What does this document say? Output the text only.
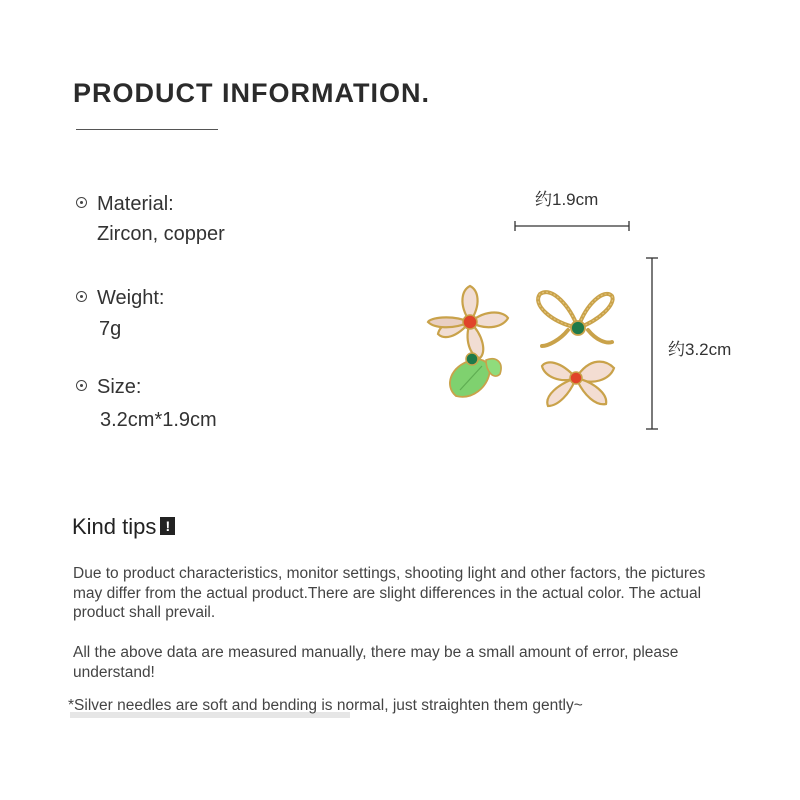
PRODUCT INFORMATION.
Material:
Zircon, copper
Weight:
7g
Size:
3.2cm*1.9cm
约1.9cm
约3.2cm
Kind tips !
Due to product characteristics, monitor settings, shooting light and other factors, the pictures may differ from the actual product.There are slight differences in the actual color. The actual product shall prevail.
All the above data are measured manually, there may be a small amount of error, please understand!
*Silver needles are soft and bending is normal, just straighten them gently~
